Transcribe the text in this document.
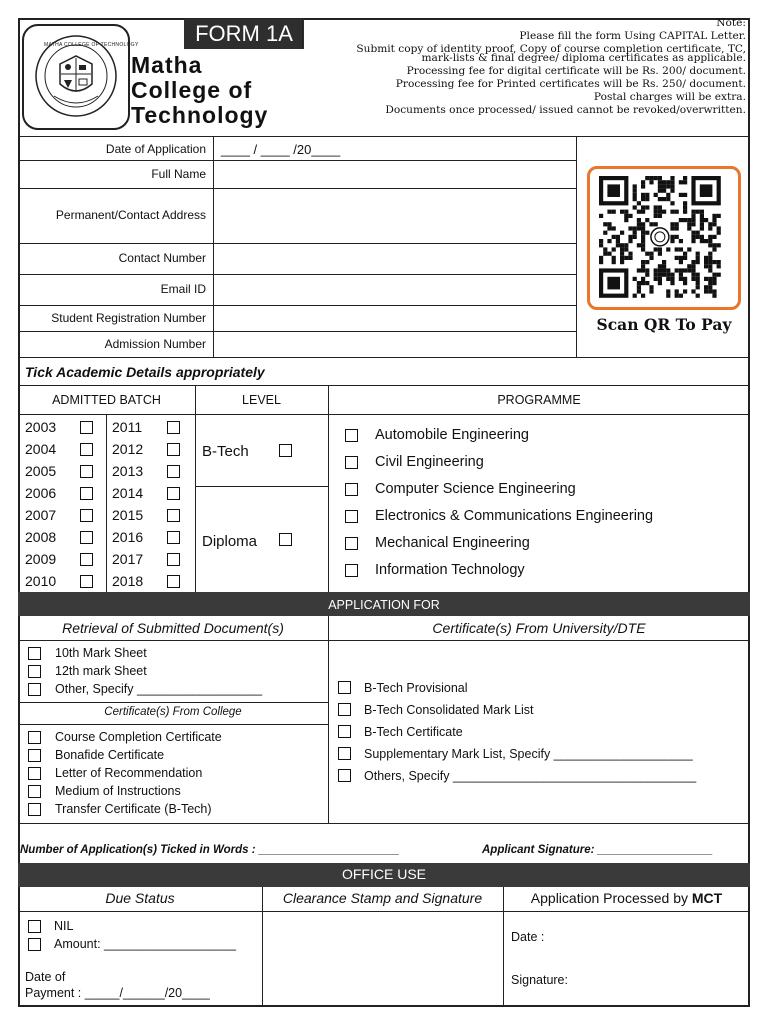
MATHA COLLEGE OF TECHNOLOGY
Matha
College of
Technology
FORM 1A	Note:
Please fill the form Using CAPITAL Letter.
Submit copy of identity proof, Copy of course completion certificate, TC,
mark-lists & final degree/ diploma certificates as applicable.
Processing fee for digital certificate will be Rs. 200/ document.
Processing fee for Printed certificates will be Rs. 250/ document.
Postal charges will be extra.
Documents once processed/ issued cannot be revoked/overwritten.
Date of Application ____ / ____ /20____
Full Name
Permanent/Contact Address
Contact Number
Email ID
Student Registration Number
Admission Number
Scan QR To Pay
Tick Academic Details appropriately
ADMITTED BATCH	LEVEL	PROGRAMME
2003
2004
2005
2006
2007
2008
2009
2010
2011
2012
2013
2014
2015
2016
2017
2018
B-Tech
Diploma
Automobile Engineering
Civil Engineering
Computer Science Engineering
Electronics & Communications Engineering
Mechanical Engineering
Information Technology
APPLICATION FOR
Retrieval of Submitted Document(s)	Certificate(s) From University/DTE
10th Mark Sheet
12th mark Sheet
Other, Specify __________________
Certificate(s) From College
Course Completion Certificate
Bonafide Certificate
Letter of Recommendation
Medium of Instructions
Transfer Certificate (B-Tech)
B-Tech Provisional
B-Tech Consolidated Mark List
B-Tech Certificate
Supplementary Mark List, Specify ____________________
Others, Specify ___________________________________
Number of Application(s) Ticked in Words : ______________________	Applicant Signature: __________________
OFFICE USE
Due Status	Clearance Stamp and Signature	Application Processed by MCT
NIL
Amount: ___________________
Date of
Payment : _____/______/20____
Date :
Signature:
